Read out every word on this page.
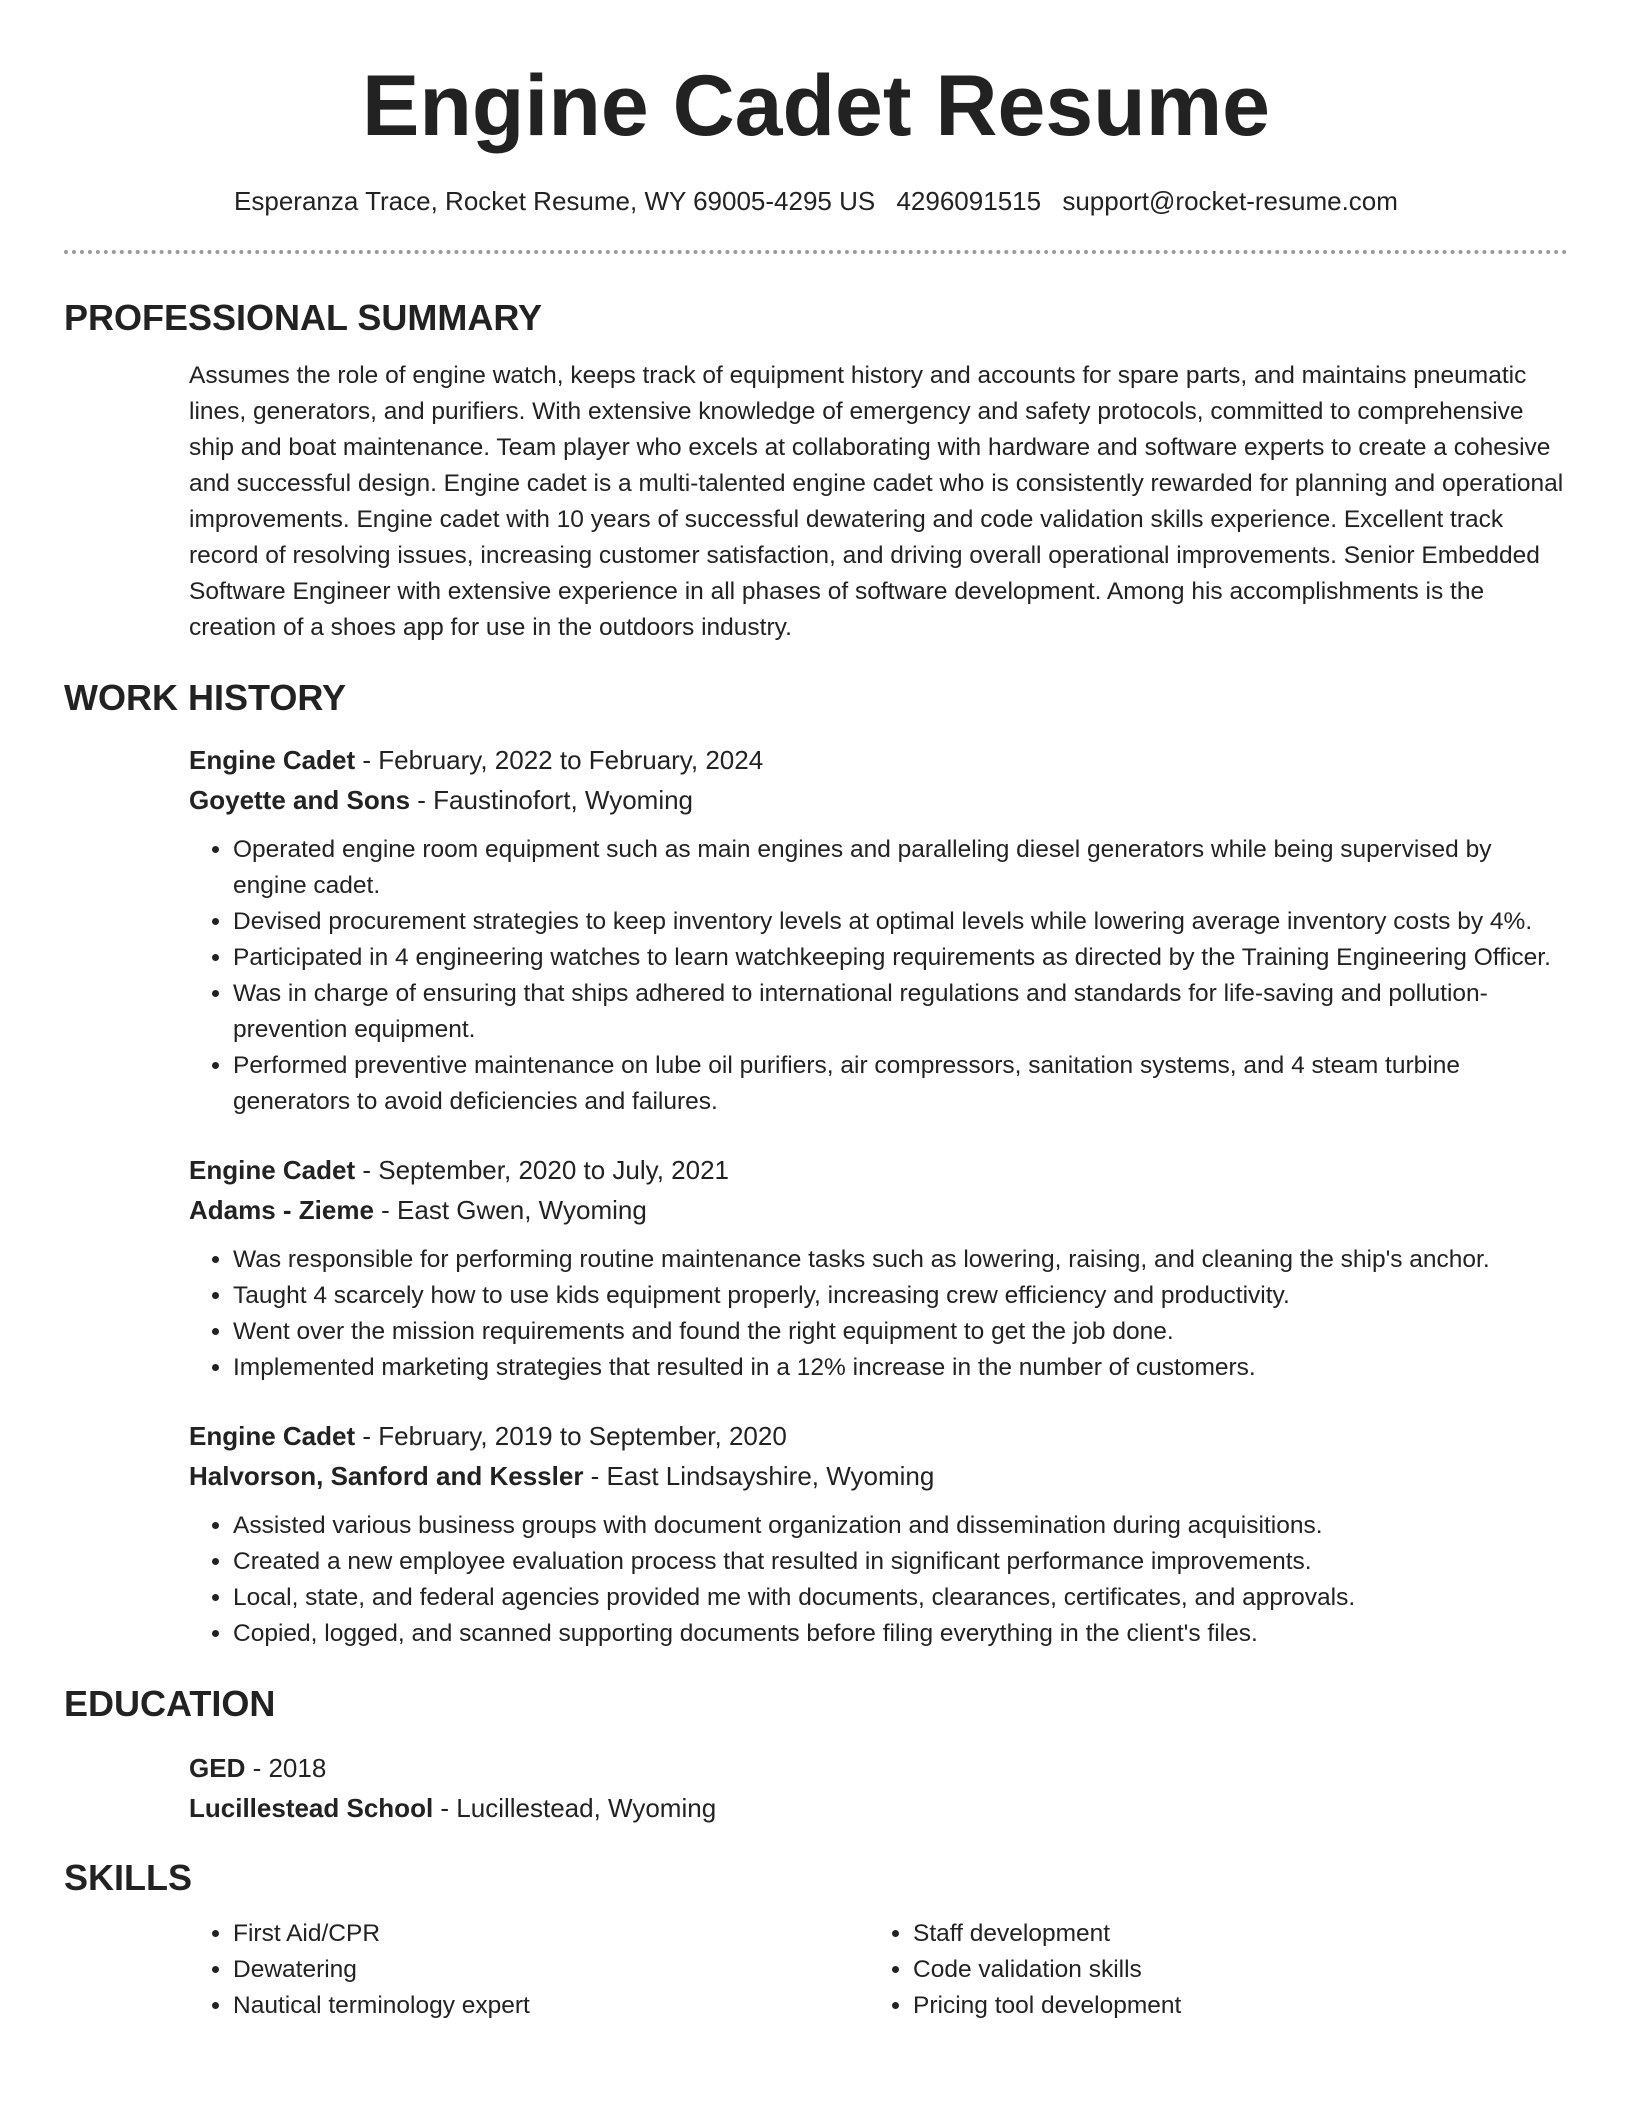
Engine Cadet Resume
Esperanza Trace, Rocket Resume, WY 69005-4295 US 4296091515 support@rocket-resume.com
PROFESSIONAL SUMMARY
Assumes the role of engine watch, keeps track of equipment history and accounts for spare parts, and maintains pneumatic lines, generators, and purifiers. With extensive knowledge of emergency and safety protocols, committed to comprehensive ship and boat maintenance. Team player who excels at collaborating with hardware and software experts to create a cohesive and successful design. Engine cadet is a multi-talented engine cadet who is consistently rewarded for planning and operational improvements. Engine cadet with 10 years of successful dewatering and code validation skills experience. Excellent track record of resolving issues, increasing customer satisfaction, and driving overall operational improvements. Senior Embedded Software Engineer with extensive experience in all phases of software development. Among his accomplishments is the creation of a shoes app for use in the outdoors industry.
WORK HISTORY
Engine Cadet - February, 2022 to February, 2024
Goyette and Sons - Faustinofort, Wyoming
• Operated engine room equipment such as main engines and paralleling diesel generators while being supervised by engine cadet.
• Devised procurement strategies to keep inventory levels at optimal levels while lowering average inventory costs by 4%.
• Participated in 4 engineering watches to learn watchkeeping requirements as directed by the Training Engineering Officer.
• Was in charge of ensuring that ships adhered to international regulations and standards for life-saving and pollution-prevention equipment.
• Performed preventive maintenance on lube oil purifiers, air compressors, sanitation systems, and 4 steam turbine generators to avoid deficiencies and failures.
Engine Cadet - September, 2020 to July, 2021
Adams - Zieme - East Gwen, Wyoming
• Was responsible for performing routine maintenance tasks such as lowering, raising, and cleaning the ship's anchor.
• Taught 4 scarcely how to use kids equipment properly, increasing crew efficiency and productivity.
• Went over the mission requirements and found the right equipment to get the job done.
• Implemented marketing strategies that resulted in a 12% increase in the number of customers.
Engine Cadet - February, 2019 to September, 2020
Halvorson, Sanford and Kessler - East Lindsayshire, Wyoming
• Assisted various business groups with document organization and dissemination during acquisitions.
• Created a new employee evaluation process that resulted in significant performance improvements.
• Local, state, and federal agencies provided me with documents, clearances, certificates, and approvals.
• Copied, logged, and scanned supporting documents before filing everything in the client's files.
EDUCATION
GED - 2018
Lucillestead School - Lucillestead, Wyoming
SKILLS
• First Aid/CPR
• Dewatering
• Nautical terminology expert
• Staff development
• Code validation skills
• Pricing tool development
